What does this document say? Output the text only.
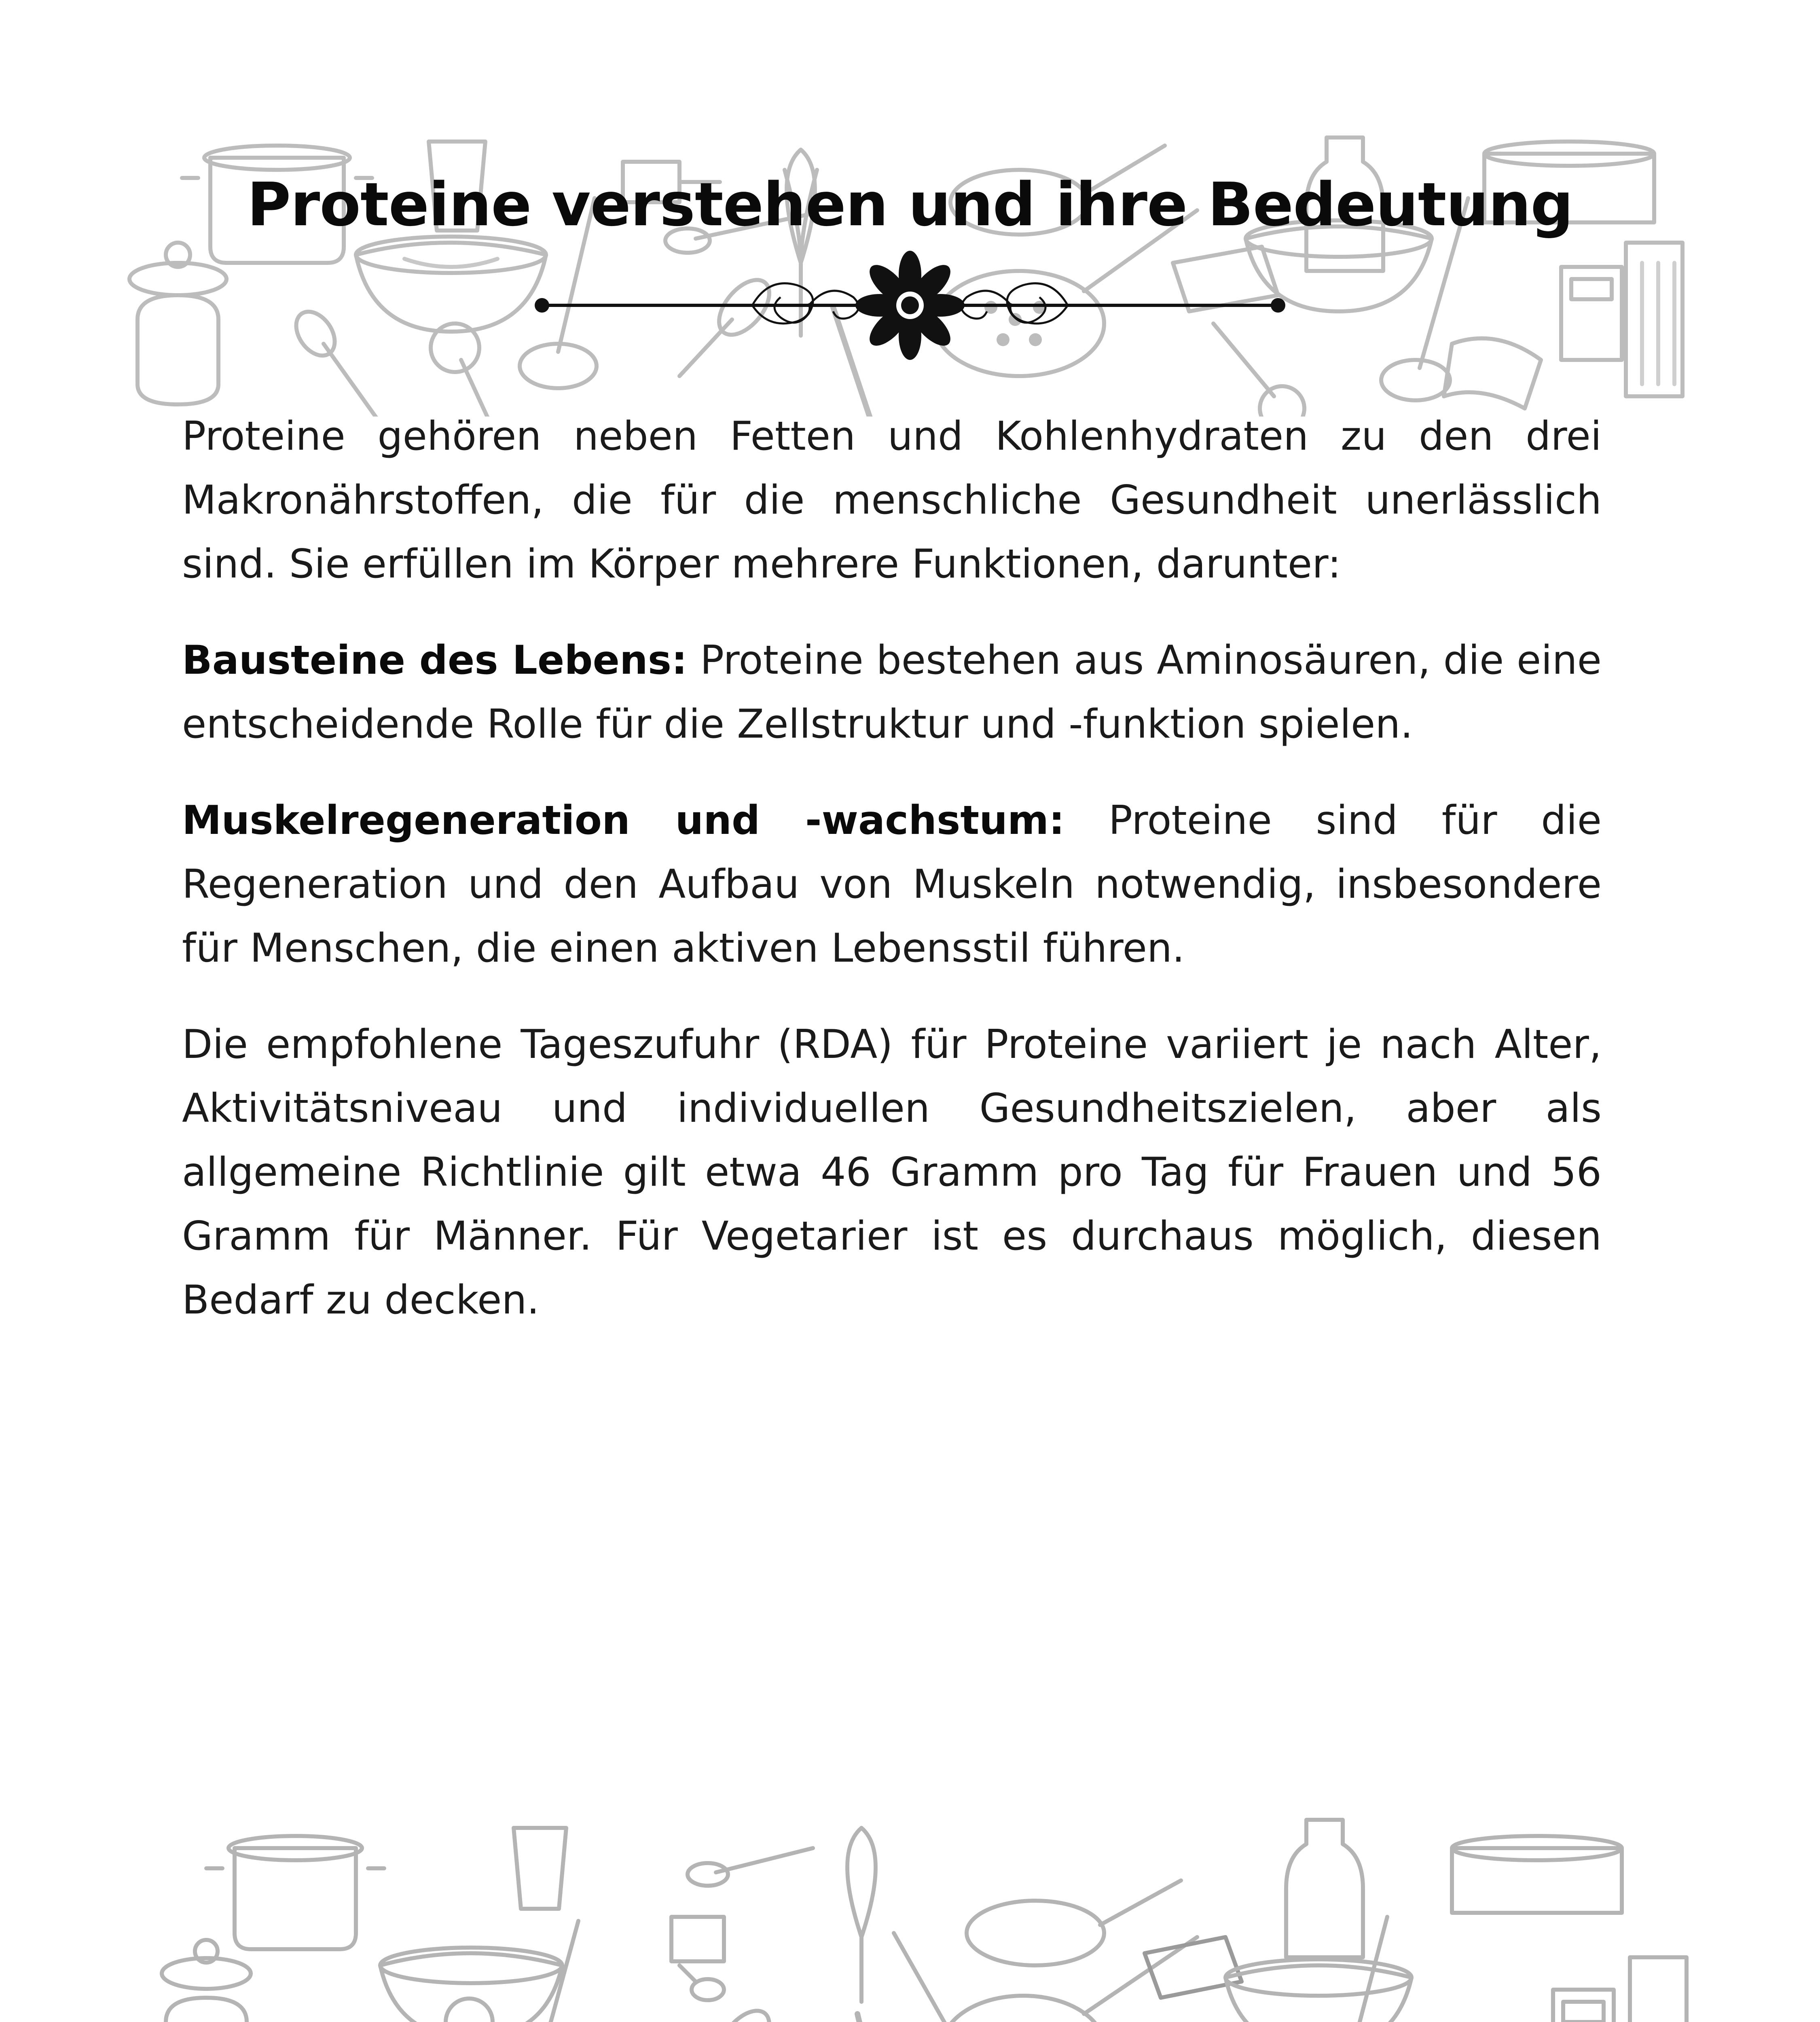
Proteine verstehen und ihre Bedeutung

Proteine gehören neben Fetten und Kohlenhydraten zu den drei Makronährstoffen, die für die menschliche Gesundheit unerlässlich sind. Sie erfüllen im Körper mehrere Funktionen, darunter:

Bausteine des Lebens: Proteine bestehen aus Aminosäuren, die eine entscheidende Rolle für die Zellstruktur und -funktion spielen.

Muskelregeneration und -wachstum: Proteine sind für die Regeneration und den Aufbau von Muskeln notwendig, insbesondere für Menschen, die einen aktiven Lebensstil führen.

Die empfohlene Tageszufuhr (RDA) für Proteine variiert je nach Alter, Aktivitätsniveau und individuellen Gesundheitszielen, aber als allgemeine Richtlinie gilt etwa 46 Gramm pro Tag für Frauen und 56 Gramm für Männer. Für Vegetarier ist es durchaus möglich, diesen Bedarf zu decken.
